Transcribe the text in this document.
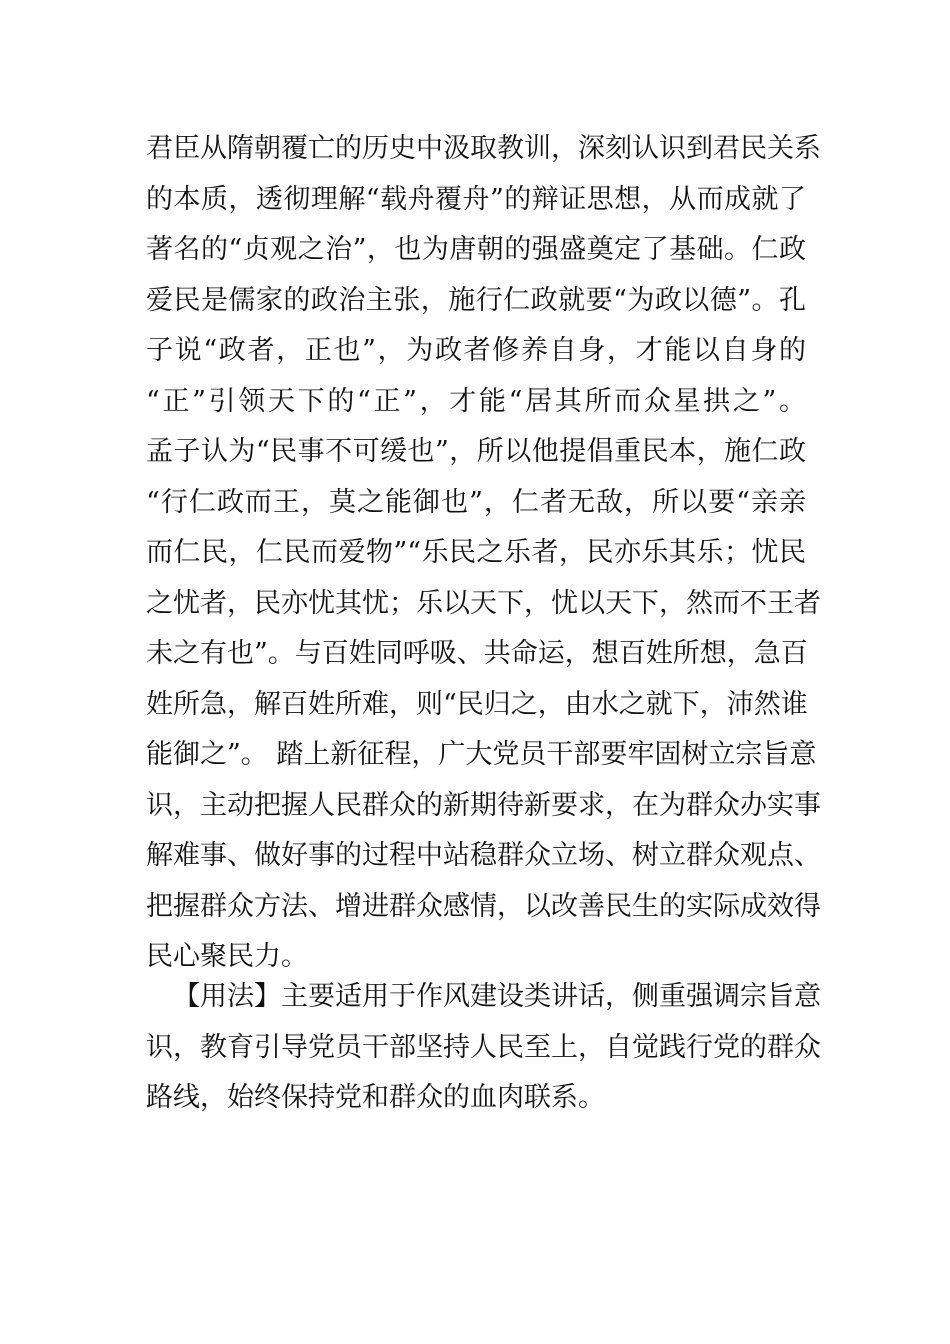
君臣从隋朝覆亡的历史中汲取教训，深刻认识到君民关系
的本质，透彻理解“载舟覆舟”的辩证思想，从而成就了
著名的“贞观之治”，也为唐朝的强盛奠定了基础。仁政
爱民是儒家的政治主张，施行仁政就要“为政以德”。孔
子说“政者，正也”，为政者修养自身，才能以自身的
“正”引领天下的“正”，才能“居其所而众星拱之”。
孟子认为“民事不可缓也”，所以他提倡重民本，施仁政
“行仁政而王，莫之能御也”，仁者无敌，所以要“亲亲
而仁民，仁民而爱物”“乐民之乐者，民亦乐其乐；忧民
之忧者，民亦忧其忧；乐以天下，忧以天下，然而不王者
未之有也”。与百姓同呼吸、共命运，想百姓所想，急百
姓所急，解百姓所难，则“民归之，由水之就下，沛然谁
能御之”。 踏上新征程，广大党员干部要牢固树立宗旨意
识，主动把握人民群众的新期待新要求，在为群众办实事
解难事、做好事的过程中站稳群众立场、树立群众观点、
把握群众方法、增进群众感情，以改善民生的实际成效得
民心聚民力。
【用法】主要适用于作风建设类讲话，侧重强调宗旨意
识，教育引导党员干部坚持人民至上，自觉践行党的群众
路线，始终保持党和群众的血肉联系。
